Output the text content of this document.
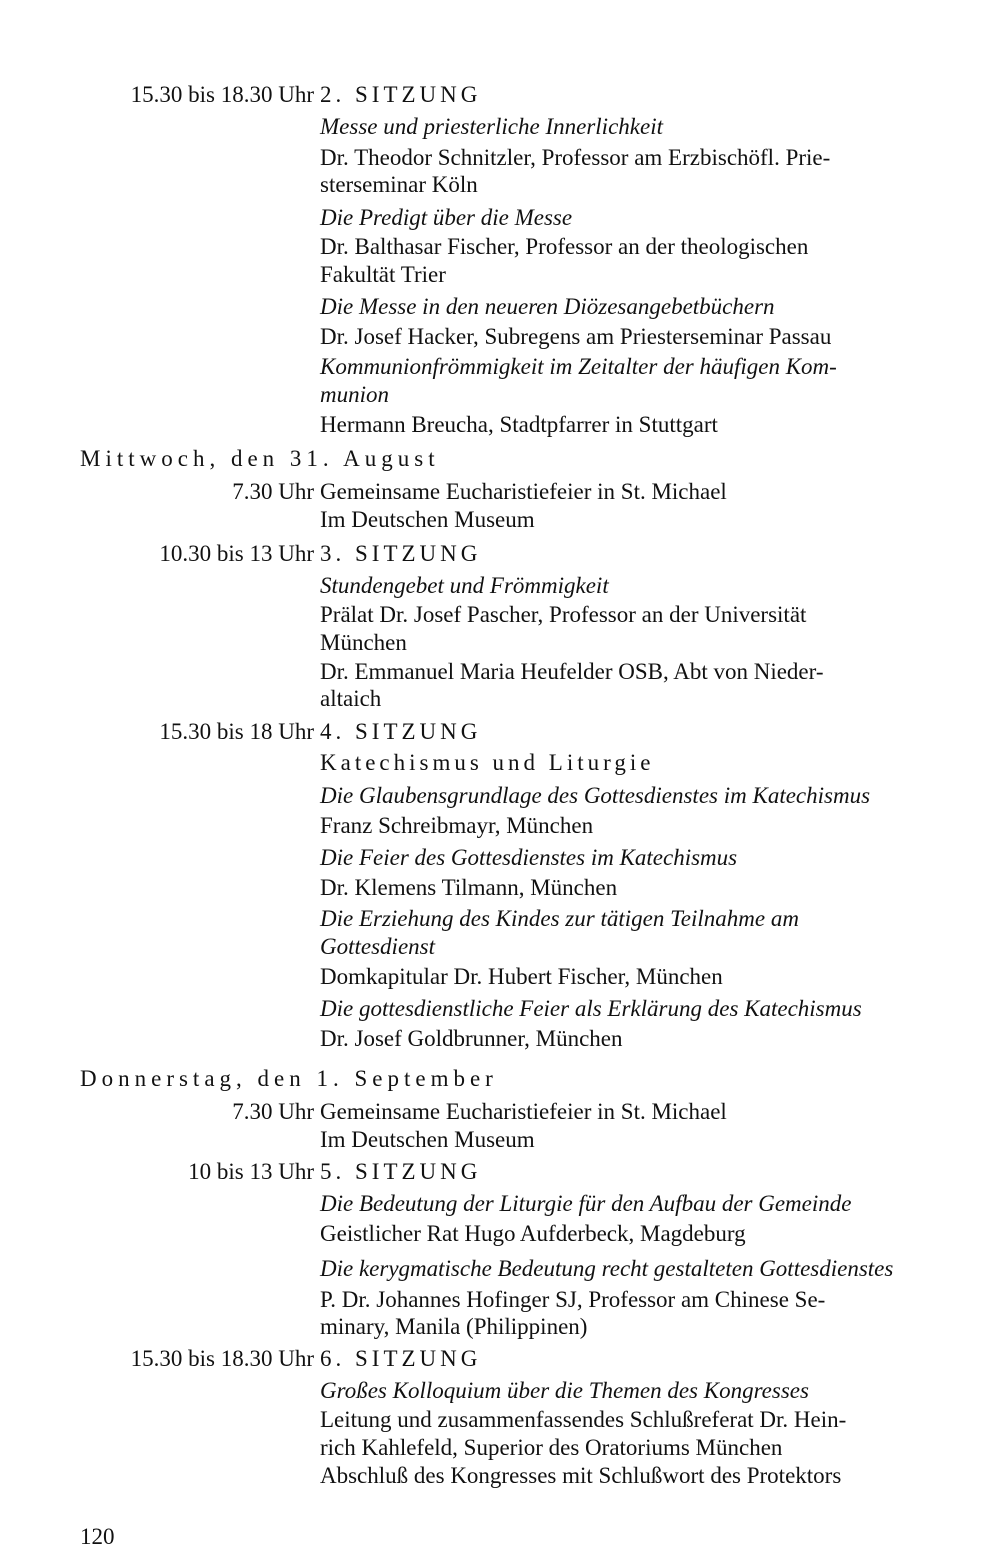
15.30 bis 18.30 Uhr 2. SITZUNG
Messe und priesterliche Innerlichkeit
Dr. Theodor Schnitzler, Professor am Erzbischöfl. Prie-
sterseminar Köln
Die Predigt über die Messe
Dr. Balthasar Fischer, Professor an der theologischen
Fakultät Trier
Die Messe in den neueren Diözesangebetbüchern
Dr. Josef Hacker, Subregens am Priesterseminar Passau
Kommunionfrömmigkeit im Zeitalter der häufigen Kom-
munion
Hermann Breucha, Stadtpfarrer in Stuttgart
Mittwoch, den 31. August
7.30 Uhr Gemeinsame Eucharistiefeier in St. Michael
Im Deutschen Museum
10.30 bis 13 Uhr 3. SITZUNG
Stundengebet und Frömmigkeit
Prälat Dr. Josef Pascher, Professor an der Universität
München
Dr. Emmanuel Maria Heufelder OSB, Abt von Nieder-
altaich
15.30 bis 18 Uhr 4. SITZUNG
Katechismus und Liturgie
Die Glaubensgrundlage des Gottesdienstes im Katechismus
Franz Schreibmayr, München
Die Feier des Gottesdienstes im Katechismus
Dr. Klemens Tilmann, München
Die Erziehung des Kindes zur tätigen Teilnahme am
Gottesdienst
Domkapitular Dr. Hubert Fischer, München
Die gottesdienstliche Feier als Erklärung des Katechismus
Dr. Josef Goldbrunner, München
Donnerstag, den 1. September
7.30 Uhr Gemeinsame Eucharistiefeier in St. Michael
Im Deutschen Museum
10 bis 13 Uhr 5. SITZUNG
Die Bedeutung der Liturgie für den Aufbau der Gemeinde
Geistlicher Rat Hugo Aufderbeck, Magdeburg
Die kerygmatische Bedeutung recht gestalteten Gottesdienstes
P. Dr. Johannes Hofinger SJ, Professor am Chinese Se-
minary, Manila (Philippinen)
15.30 bis 18.30 Uhr 6. SITZUNG
Großes Kolloquium über die Themen des Kongresses
Leitung und zusammenfassendes Schlußreferat Dr. Hein-
rich Kahlefeld, Superior des Oratoriums München
Abschluß des Kongresses mit Schlußwort des Protektors
120
